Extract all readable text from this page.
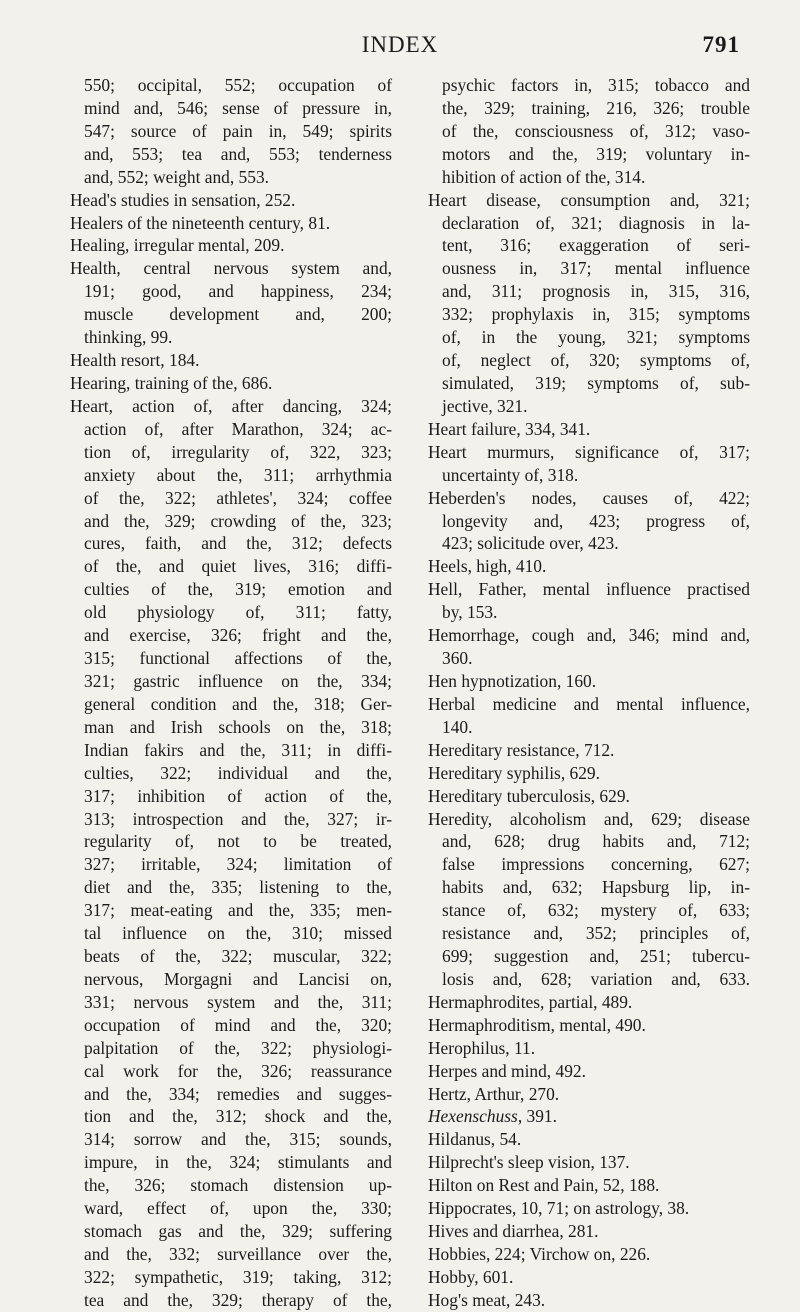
INDEX	791
550; occipital, 552; occupation of
mind and, 546; sense of pressure in,
547; source of pain in, 549; spirits
and, 553; tea and, 553; tenderness
and, 552; weight and, 553.
Head's studies in sensation, 252.
Healers of the nineteenth century, 81.
Healing, irregular mental, 209.
Health, central nervous system and,
191; good, and happiness, 234;
muscle development and, 200;
thinking, 99.
Health resort, 184.
Hearing, training of the, 686.
Heart, action of, after dancing, 324;
action of, after Marathon, 324; ac-
tion of, irregularity of, 322, 323;
anxiety about the, 311; arrhythmia
of the, 322; athletes', 324; coffee
and the, 329; crowding of the, 323;
cures, faith, and the, 312; defects
of the, and quiet lives, 316; diffi-
culties of the, 319; emotion and
old physiology of, 311; fatty,
and exercise, 326; fright and the,
315; functional affections of the,
321; gastric influence on the, 334;
general condition and the, 318; Ger-
man and Irish schools on the, 318;
Indian fakirs and the, 311; in diffi-
culties, 322; individual and the,
317; inhibition of action of the,
313; introspection and the, 327; ir-
regularity of, not to be treated,
327; irritable, 324; limitation of
diet and the, 335; listening to the,
317; meat-eating and the, 335; men-
tal influence on the, 310; missed
beats of the, 322; muscular, 322;
nervous, Morgagni and Lancisi on,
331; nervous system and the, 311;
occupation of mind and the, 320;
palpitation of the, 322; physiologi-
cal work for the, 326; reassurance
and the, 334; remedies and sugges-
tion and the, 312; shock and the,
314; sorrow and the, 315; sounds,
impure, in the, 324; stimulants and
the, 326; stomach distension up-
ward, effect of, upon the, 330;
stomach gas and the, 329; suffering
and the, 332; surveillance over the,
322; sympathetic, 319; taking, 312;
tea and the, 329; therapy of the,
psychic factors in, 315; tobacco and
the, 329; training, 216, 326; trouble
of the, consciousness of, 312; vaso-
motors and the, 319; voluntary in-
hibition of action of the, 314.
Heart disease, consumption and, 321;
declaration of, 321; diagnosis in la-
tent, 316; exaggeration of seri-
ousness in, 317; mental influence
and, 311; prognosis in, 315, 316,
332; prophylaxis in, 315; symptoms
of, in the young, 321; symptoms
of, neglect of, 320; symptoms of,
simulated, 319; symptoms of, sub-
jective, 321.
Heart failure, 334, 341.
Heart murmurs, significance of, 317;
uncertainty of, 318.
Heberden's nodes, causes of, 422;
longevity and, 423; progress of,
423; solicitude over, 423.
Heels, high, 410.
Hell, Father, mental influence practised
by, 153.
Hemorrhage, cough and, 346; mind and,
360.
Hen hypnotization, 160.
Herbal medicine and mental influence,
140.
Hereditary resistance, 712.
Hereditary syphilis, 629.
Hereditary tuberculosis, 629.
Heredity, alcoholism and, 629; disease
and, 628; drug habits and, 712;
false impressions concerning, 627;
habits and, 632; Hapsburg lip, in-
stance of, 632; mystery of, 633;
resistance and, 352; principles of,
699; suggestion and, 251; tubercu-
losis and, 628; variation and, 633.
Hermaphrodites, partial, 489.
Hermaphroditism, mental, 490.
Herophilus, 11.
Herpes and mind, 492.
Hertz, Arthur, 270.
Hexenschuss, 391.
Hildanus, 54.
Hilprecht's sleep vision, 137.
Hilton on Rest and Pain, 52, 188.
Hippocrates, 10, 71; on astrology, 38.
Hives and diarrhea, 281.
Hobbies, 224; Virchow on, 226.
Hobby, 601.
Hog's meat, 243.
